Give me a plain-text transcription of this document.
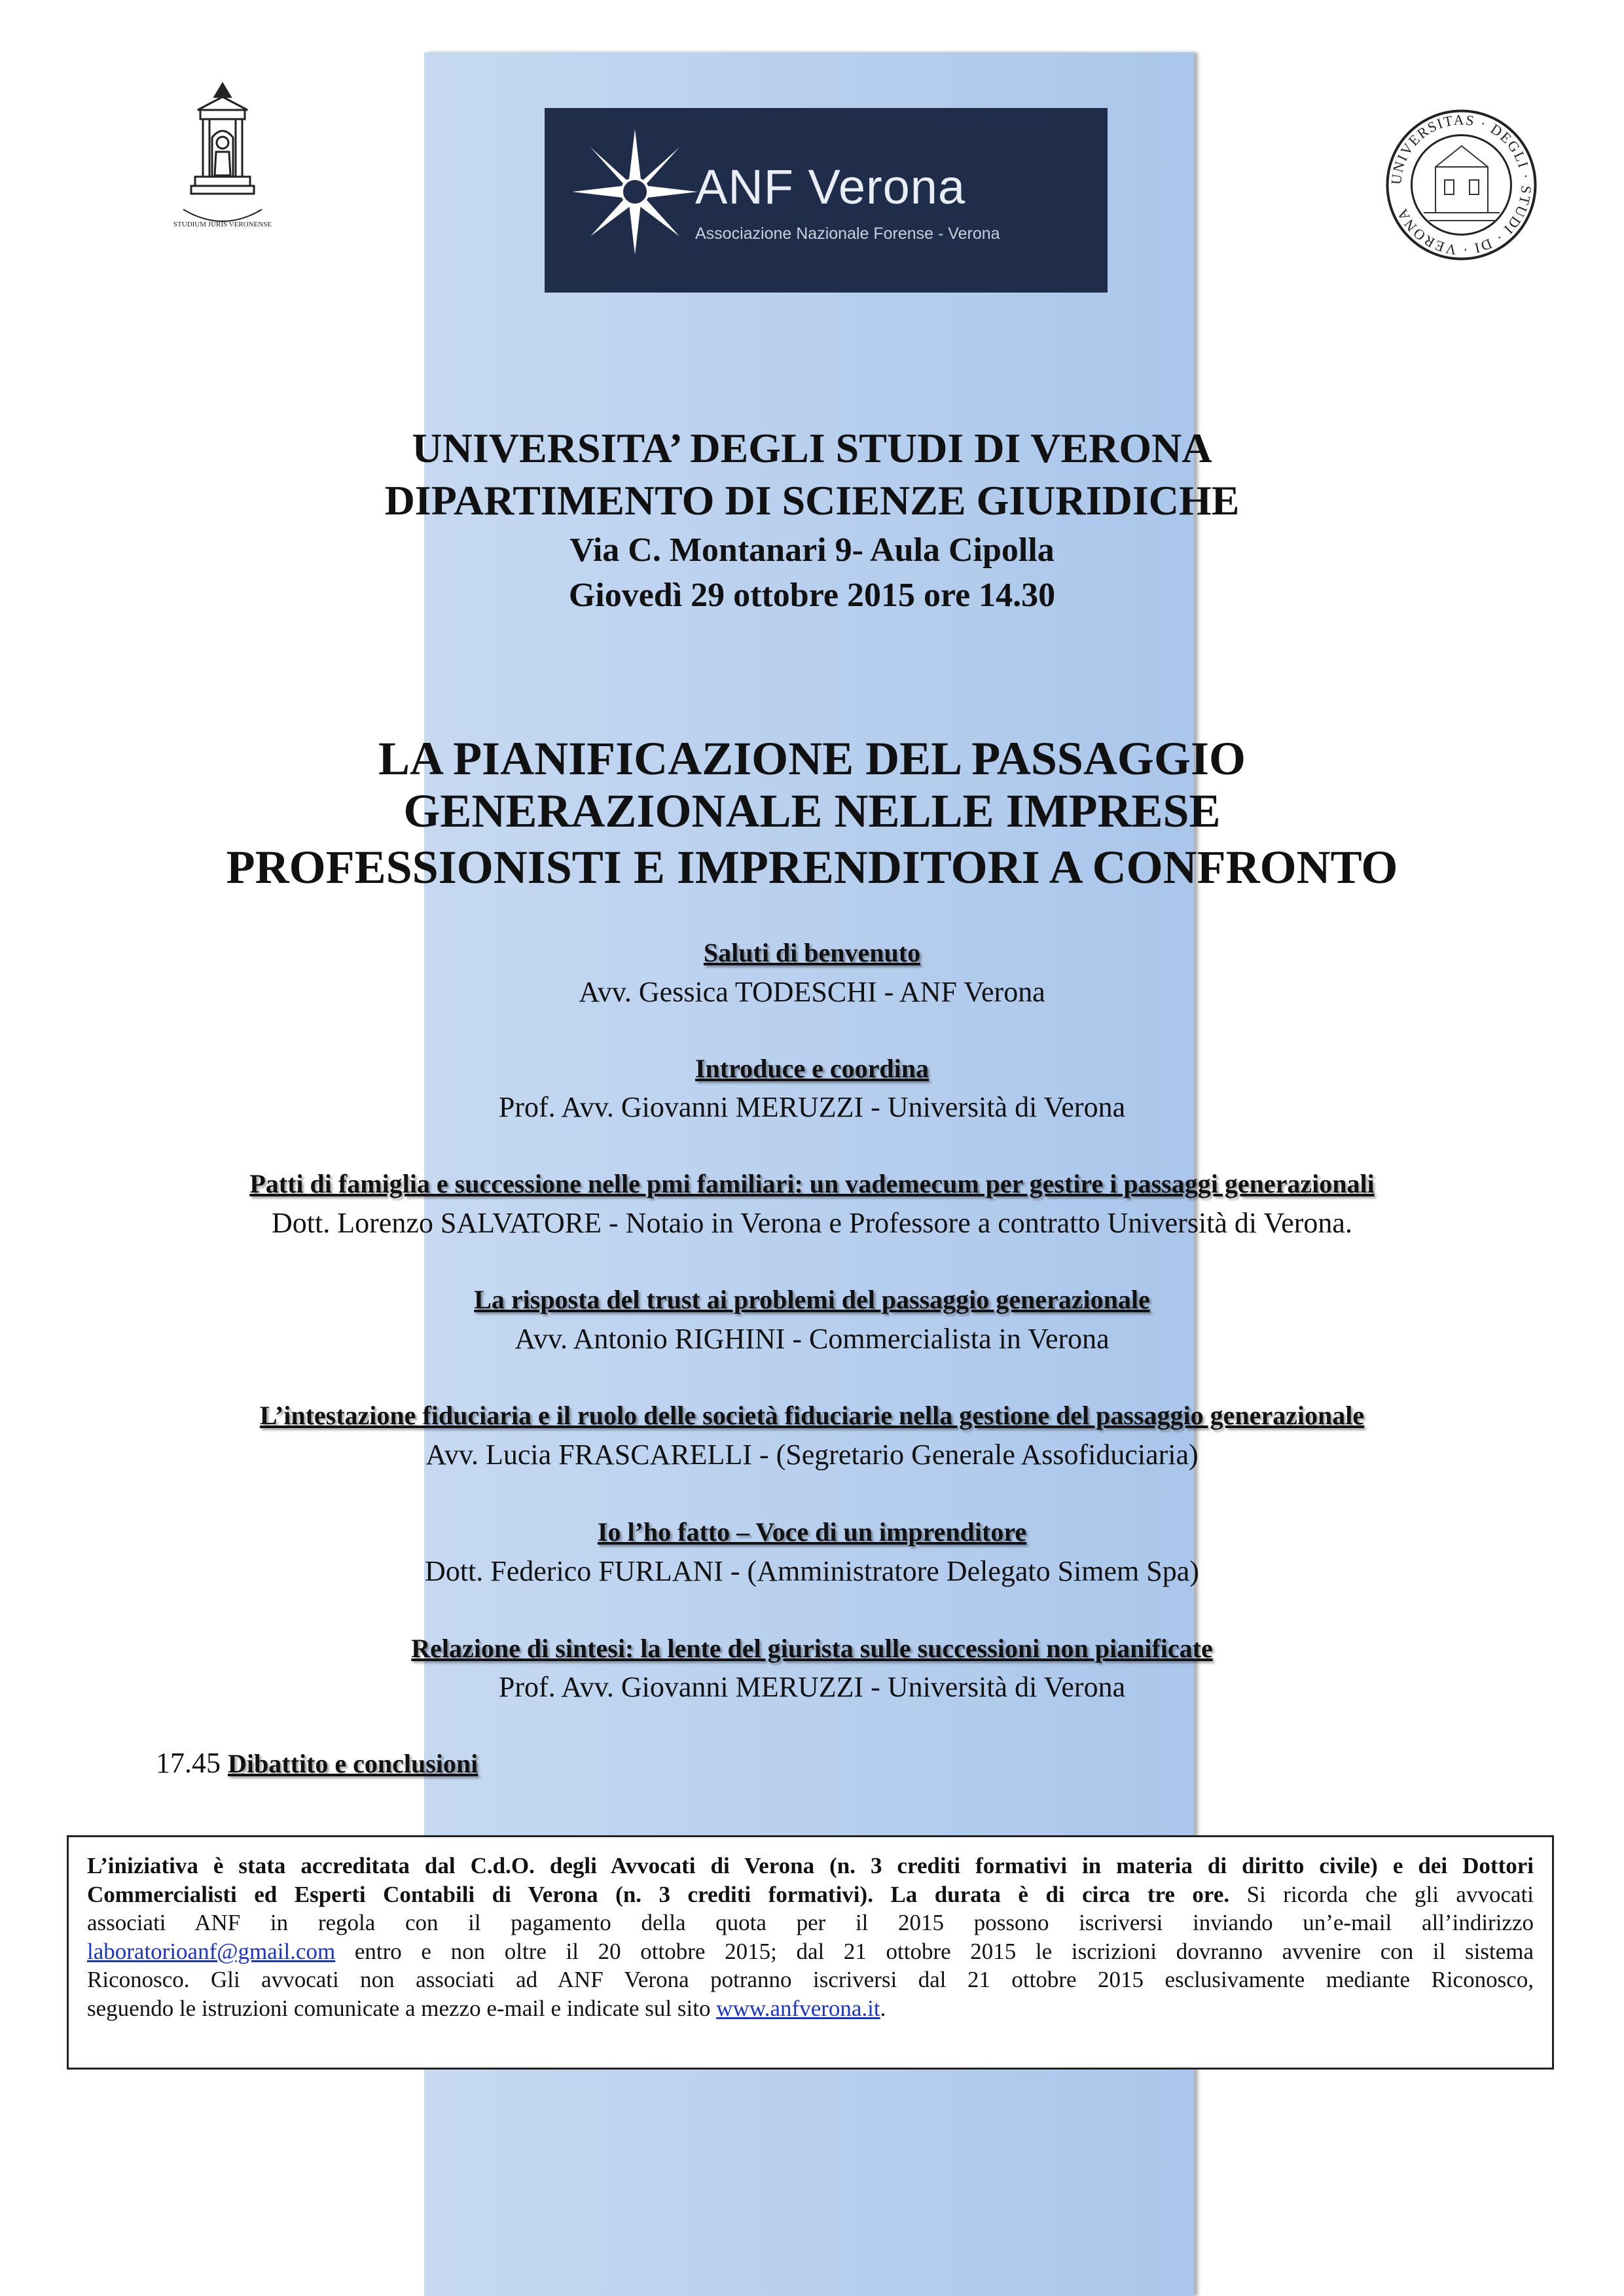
STUDIUM JURIS VERONENSE
UNIVERSITAS · DEGLI · STUDI · DI · VERONA
ANF Verona
Associazione Nazionale Forense - Verona

UNIVERSITA’ DEGLI STUDI DI VERONA

DIPARTIMENTO DI SCIENZE GIURIDICHE

Via C. Montanari 9- Aula Cipolla

Giovedì 29 ottobre 2015 ore 14.30

LA PIANIFICAZIONE DEL PASSAGGIO

GENERAZIONALE NELLE IMPRESE

PROFESSIONISTI E IMPRENDITORI A CONFRONTO

Saluti di benvenuto

Avv. Gessica TODESCHI - ANF Verona

Introduce e coordina

Prof. Avv. Giovanni MERUZZI - Università di Verona

Patti di famiglia e successione nelle pmi familiari: un vademecum per gestire i passaggi generazionali

Dott. Lorenzo SALVATORE - Notaio in Verona e Professore a contratto Università di Verona.

La risposta del trust ai problemi del passaggio generazionale

Avv. Antonio RIGHINI - Commercialista in Verona

L’intestazione fiduciaria e il ruolo delle società fiduciarie nella gestione del passaggio generazionale

Avv. Lucia FRASCARELLI - (Segretario Generale Assofiduciaria)

Io l’ho fatto – Voce di un imprenditore

Dott. Federico FURLANI - (Amministratore Delegato Simem Spa)

Relazione di sintesi: la lente del giurista sulle successioni non pianificate

Prof. Avv. Giovanni MERUZZI - Università di Verona

17.45 Dibattito e conclusioni
L’iniziativa è stata accreditata dal C.d.O. degli Avvocati di Verona (n. 3 crediti formativi in materia di diritto civile) e dei Dottori
Commercialisti ed Esperti Contabili di Verona (n. 3 crediti formativi). La durata è di circa tre ore. Si ricorda che gli avvocati
associati ANF in regola con il pagamento della quota per il 2015 possono iscriversi inviando un’e-mail all’indirizzo
laboratorioanf@gmail.com entro e non oltre il 20 ottobre 2015; dal 21 ottobre 2015 le iscrizioni dovranno avvenire con il sistema
Riconosco. Gli avvocati non associati ad ANF Verona potranno iscriversi dal 21 ottobre 2015 esclusivamente mediante Riconosco,
seguendo le istruzioni comunicate a mezzo e-mail e indicate sul sito www.anfverona.it.
